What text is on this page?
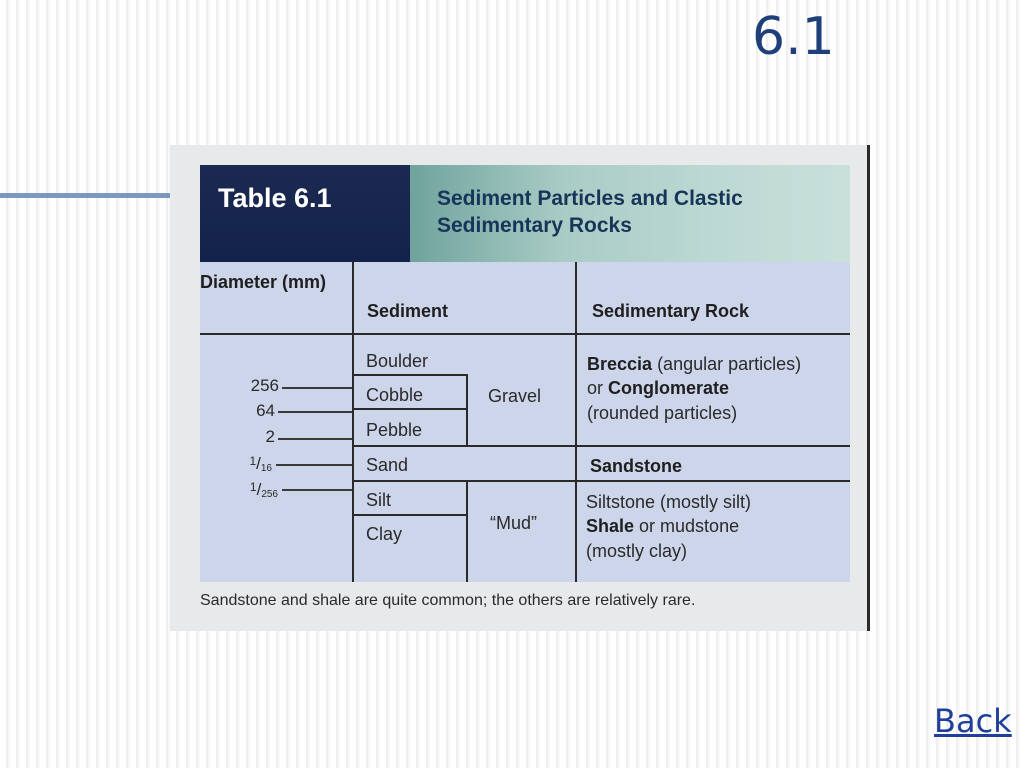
6.1
Table 6.1	Sediment Particles and Clastic Sedimentary Rocks
Diameter (mm)
Sediment	Sedimentary Rock
256
64
2
$^1$/16
$^1$/256
Boulder
Cobble
Pebble
Sand
Silt
Clay
Gravel
“Mud”
Breccia (angular particles)
or Conglomerate
(rounded particles)
Sandstone
Siltstone (mostly silt)
Shale or mudstone
(mostly clay)
Sandstone and shale are quite common; the others are relatively rare.
Back
